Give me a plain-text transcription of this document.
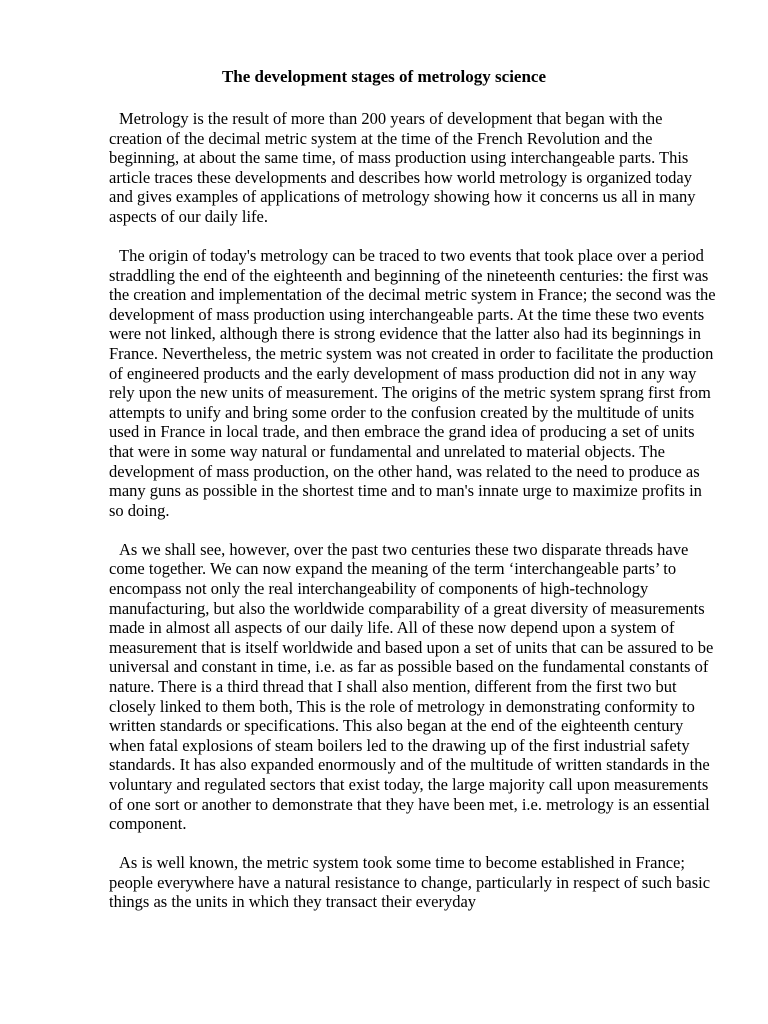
The development stages of metrology science

Metrology is the result of more than 200 years of development that began with the creation of the decimal metric system at the time of the French Revolution and the beginning, at about the same time, of mass production using interchangeable parts. This article traces these developments and describes how world metrology is organized today and gives examples of applications of metrology showing how it concerns us all in many aspects of our daily life.

The origin of today's metrology can be traced to two events that took place over a period straddling the end of the eighteenth and beginning of the nineteenth centuries: the first was the creation and implementation of the decimal metric system in France; the second was the development of mass production using interchangeable parts. At the time these two events were not linked, although there is strong evidence that the latter also had its beginnings in France. Nevertheless, the metric system was not created in order to facilitate the production of engineered products and the early development of mass production did not in any way rely upon the new units of measurement. The origins of the metric system sprang first from attempts to unify and bring some order to the confusion created by the multitude of units used in France in local trade, and then embrace the grand idea of producing a set of units that were in some way natural or fundamental and unrelated to material objects. The development of mass production, on the other hand, was related to the need to produce as many guns as possible in the shortest time and to man's innate urge to maximize profits in so doing.

As we shall see, however, over the past two centuries these two disparate threads have come together. We can now expand the meaning of the term ‘interchangeable parts’ to encompass not only the real interchangeability of components of high-technology manufacturing, but also the worldwide comparability of a great diversity of measurements made in almost all aspects of our daily life. All of these now depend upon a system of measurement that is itself worldwide and based upon a set of units that can be assured to be universal and constant in time, i.e. as far as possible based on the fundamental constants of nature. There is a third thread that I shall also mention, different from the first two but closely linked to them both, This is the role of metrology in demonstrating conformity to written standards or specifications. This also began at the end of the eighteenth century when fatal explosions of steam boilers led to the drawing up of the first industrial safety standards. It has also expanded enormously and of the multitude of written standards in the voluntary and regulated sectors that exist today, the large majority call upon measurements of one sort or another to demonstrate that they have been met, i.e. metrology is an essential component.

As is well known, the metric system took some time to become established in France; people everywhere have a natural resistance to change, particularly in respect of such basic things as the units in which they transact their everyday
